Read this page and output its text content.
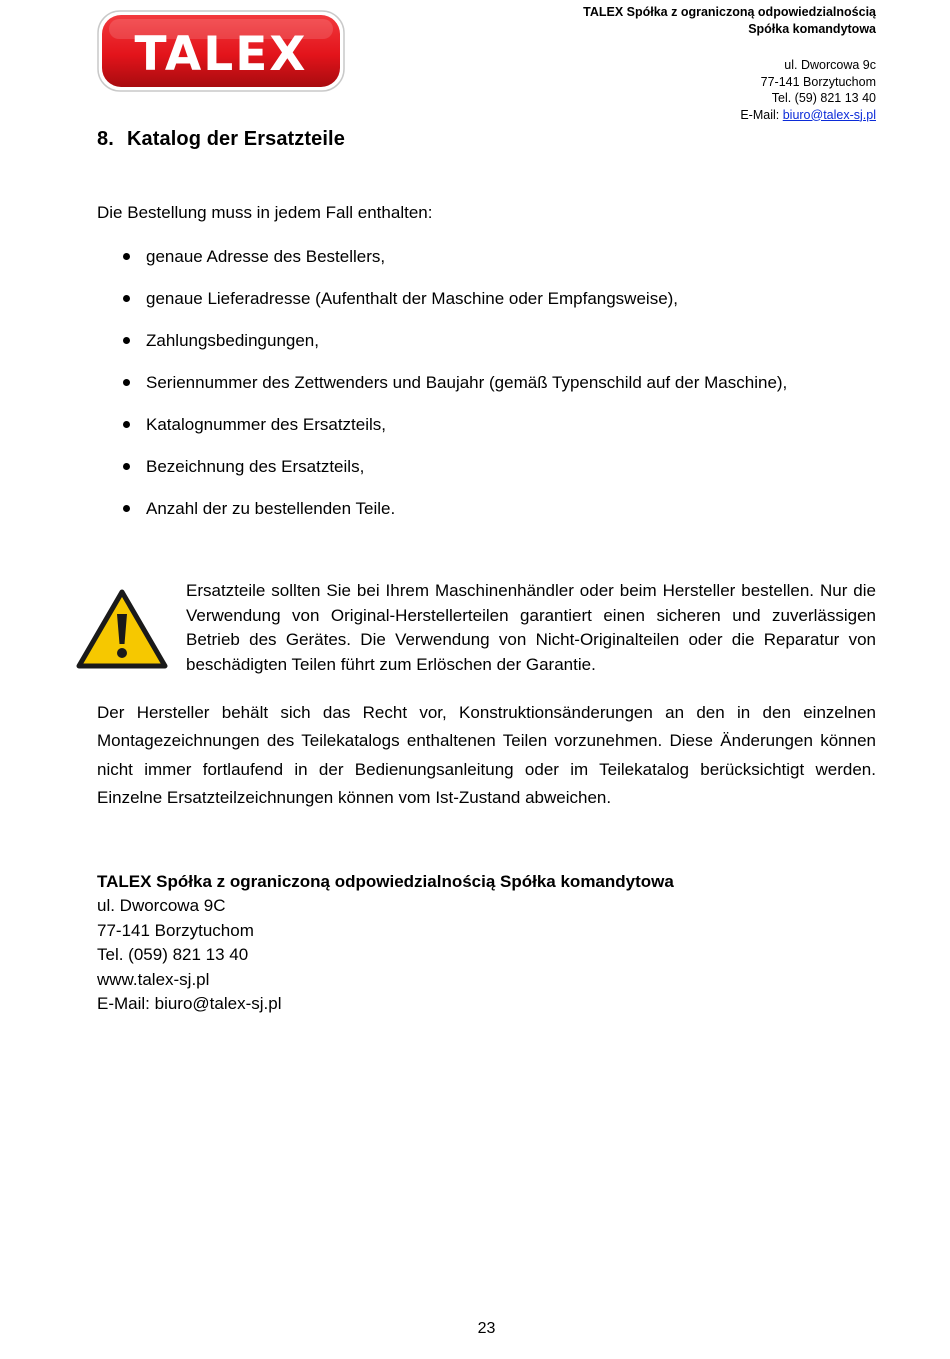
TALEX
TALEX Spółka z ograniczoną odpowiedzialnością
Spółka komandytowa
ul. Dworcowa 9c
77-141 Borzytuchom
Tel. (59) 821 13 40
E-Mail: biuro@talex-sj.pl
8. Katalog der Ersatzteile

Die Bestellung muss in jedem Fall enthalten:

genaue Adresse des Bestellers,
genaue Lieferadresse (Aufenthalt der Maschine oder Empfangsweise),
Zahlungsbedingungen,
Seriennummer des Zettwenders und Baujahr (gemäß Typenschild auf der Maschine),
Katalognummer des Ersatzteils,
Bezeichnung des Ersatzteils,
Anzahl der zu bestellenden Teile.

Ersatzteile sollten Sie bei Ihrem Maschinenhändler oder beim Hersteller bestellen. Nur die Verwendung von Original-Herstellerteilen garantiert einen sicheren und zuverlässigen Betrieb des Gerätes. Die Verwendung von Nicht-Originalteilen oder die Reparatur von beschädigten Teilen führt zum Erlöschen der Garantie.

Der Hersteller behält sich das Recht vor, Konstruktionsänderungen an den in den einzelnen Montagezeichnungen des Teilekatalogs enthaltenen Teilen vorzunehmen. Diese Änderungen können nicht immer fortlaufend in der Bedienungsanleitung oder im Teilekatalog berücksichtigt werden. Einzelne Ersatzteilzeichnungen können vom Ist-Zustand abweichen.

TALEX Spółka z ograniczoną odpowiedzialnością Spółka komandytowa
ul. Dworcowa 9C
77-141 Borzytuchom
Tel. (059) 821 13 40
www.talex-sj.pl
E-Mail: biuro@talex-sj.pl
23
